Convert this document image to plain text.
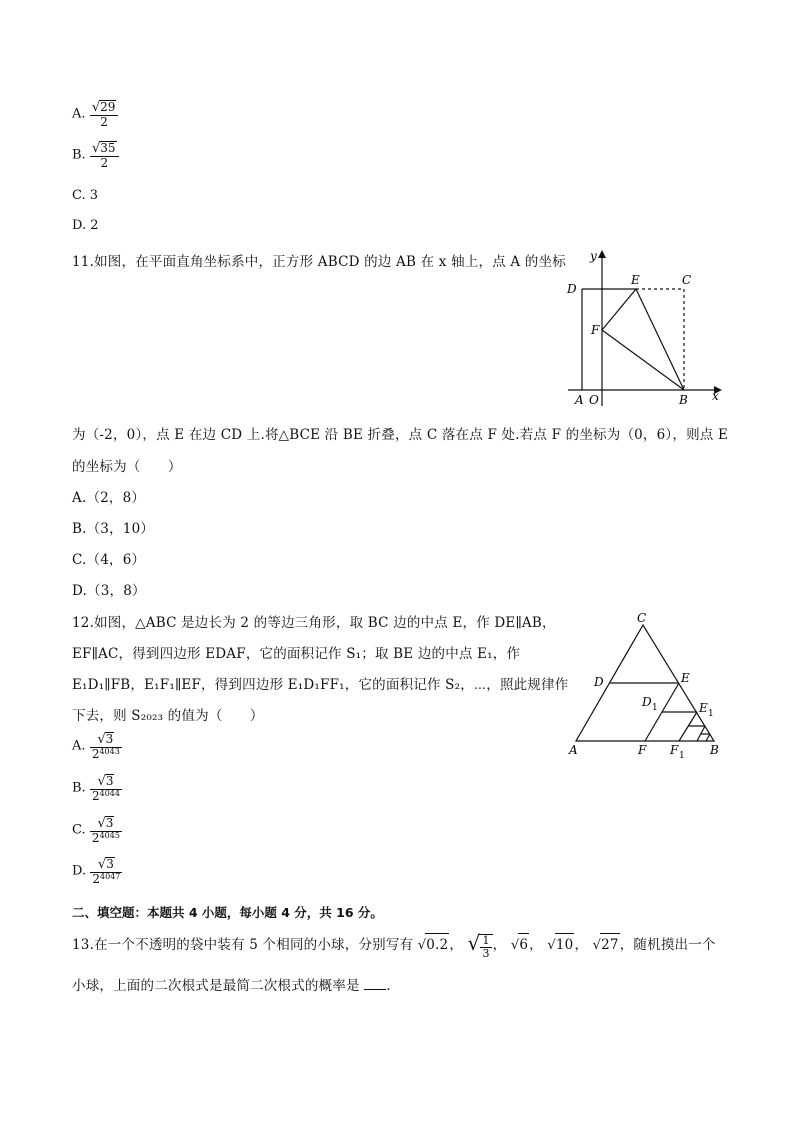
A. $\frac{√29}{2}$
B. $\frac{√35}{2}$
C. 3
D. 2
11.如图，在平面直角坐标系中，正方形 ABCD 的边 AB 在 x 轴上，点 A 的坐标 y
x
D
E	C
F
A O	B
为（-2，0），点 E 在边 CD 上.将△BCE 沿 BE 折叠，点 C 落在点 F 处.若点 F 的坐标为（0，6），则点 E
的坐标为（　　）
A.（2，8）
B.（3，10）
C.（4，6）
D.（3，8）
12.如图，△ABC 是边长为 2 的等边三角形，取 BC 边的中点 E，作 DE∥AB，
EF∥AC，得到四边形 EDAF，它的面积记作 S₁；取 BE 边的中点 E₁，作
E₁D₁∥FB，E₁F₁∥EF，得到四边形 E₁D₁FF₁，它的面积记作 S₂，⋯，照此规律作
下去，则 S₂₀₂₃ 的值为（　　）
C
D	E
D 1	E 1
A	F F 1 B
A. $\frac{√3}{2^{4043}}$
B. $\frac{√3}{2^{4044}}$
C. $\frac{√3}{2^{4045}}$
D. $\frac{√3}{2^{4047}}$
二、填空题：本题共 4 小题，每小题 4 分，共 16 分。
13.在一个不透明的袋中装有 5 个相同的小球，分别写有 √0.2， √ $\frac{1}{3}$ ， √6， √10， √27，随机摸出一个
小球，上面的二次根式是最简二次根式的概率是 .
